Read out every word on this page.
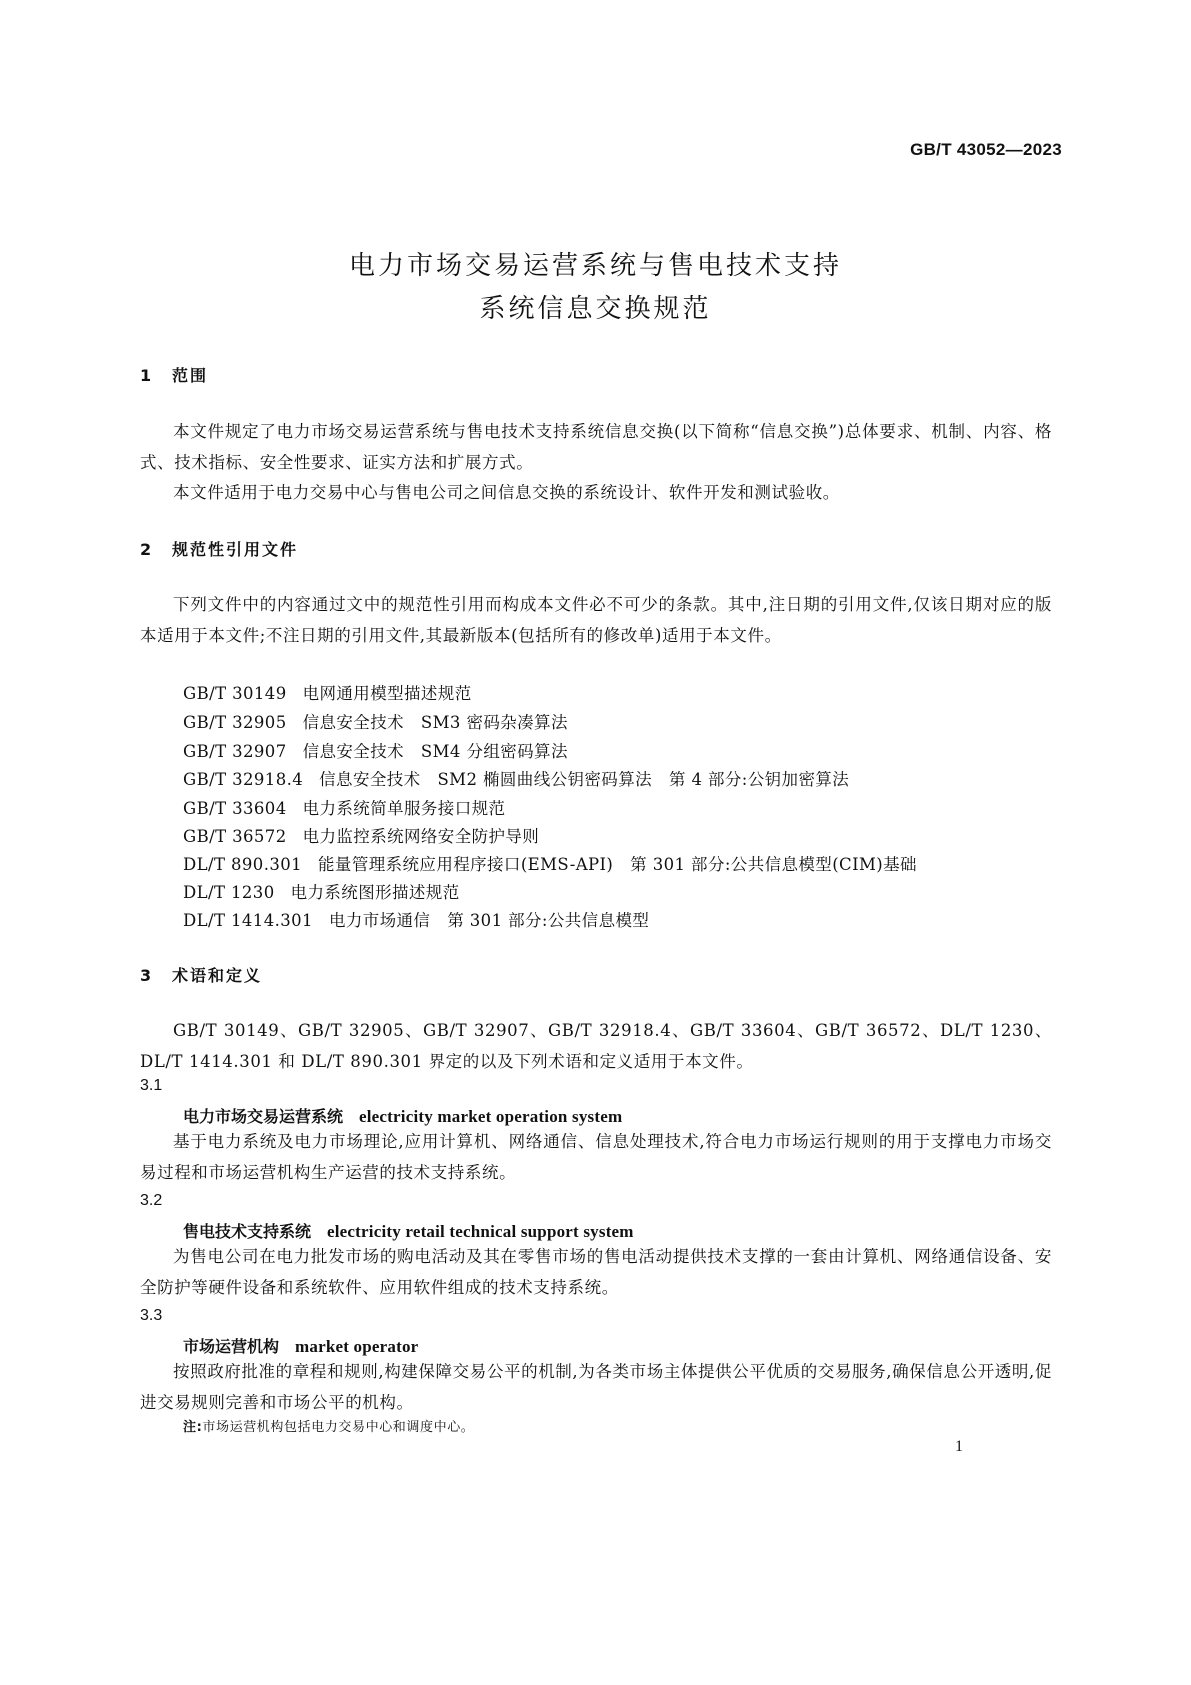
GB/T 43052—2023
电力市场交易运营系统与售电技术支持
系统信息交换规范
1 范围

本文件规定了电力市场交易运营系统与售电技术支持系统信息交换(以下简称“信息交换”)总体要求、机制、内容、格式、技术指标、安全性要求、证实方法和扩展方式。

本文件适用于电力交易中心与售电公司之间信息交换的系统设计、软件开发和测试验收。

2 规范性引用文件

下列文件中的内容通过文中的规范性引用而构成本文件必不可少的条款。其中,注日期的引用文件,仅该日期对应的版本适用于本文件;不注日期的引用文件,其最新版本(包括所有的修改单)适用于本文件。

GB/T 30149 电网通用模型描述规范
GB/T 32905 信息安全技术　SM3 密码杂凑算法
GB/T 32907 信息安全技术　SM4 分组密码算法
GB/T 32918.4 信息安全技术　SM2 椭圆曲线公钥密码算法　第 4 部分:公钥加密算法
GB/T 33604 电力系统简单服务接口规范
GB/T 36572 电力监控系统网络安全防护导则
DL/T 890.301 能量管理系统应用程序接口(EMS-API)　第 301 部分:公共信息模型(CIM)基础
DL/T 1230 电力系统图形描述规范
DL/T 1414.301 电力市场通信　第 301 部分:公共信息模型
3 术语和定义

GB/T 30149、GB/T 32905、GB/T 32907、GB/T 32918.4、GB/T 33604、GB/T 36572、DL/T 1230、DL/T 1414.301 和 DL/T 890.301 界定的以及下列术语和定义适用于本文件。

3.1
电力市场交易运营系统 electricity market operation system

基于电力系统及电力市场理论,应用计算机、网络通信、信息处理技术,符合电力市场运行规则的用于支撑电力市场交易过程和市场运营机构生产运营的技术支持系统。

3.2
售电技术支持系统 electricity retail technical support system

为售电公司在电力批发市场的购电活动及其在零售市场的售电活动提供技术支撑的一套由计算机、网络通信设备、安全防护等硬件设备和系统软件、应用软件组成的技术支持系统。

3.3
市场运营机构 market operator

按照政府批准的章程和规则,构建保障交易公平的机制,为各类市场主体提供公平优质的交易服务,确保信息公开透明,促进交易规则完善和市场公平的机构。

注:市场运营机构包括电力交易中心和调度中心。
1
